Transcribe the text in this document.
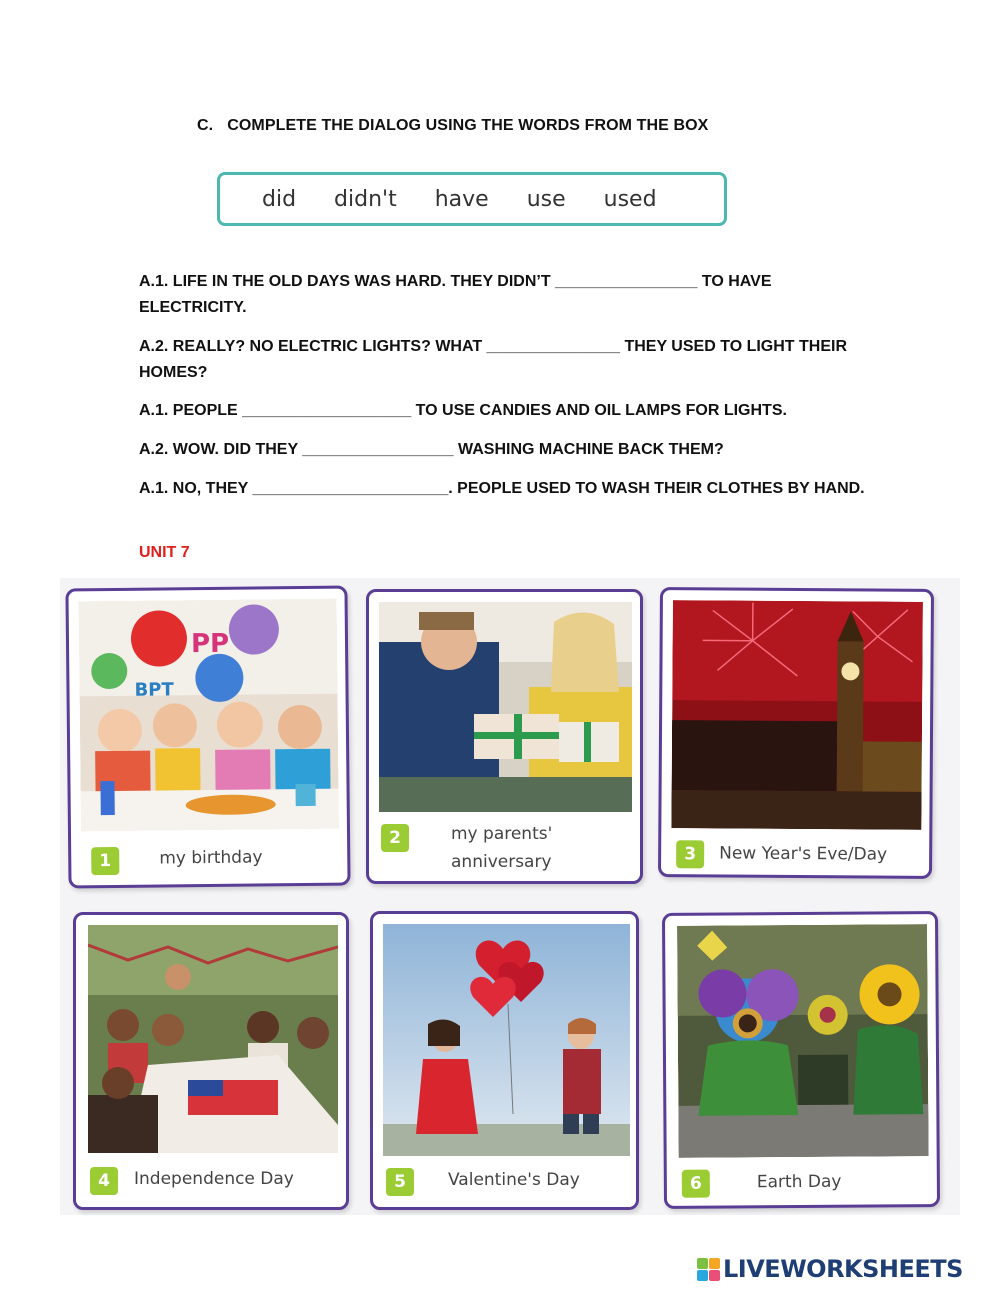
C. COMPLETE THE DIALOG USING THE WORDS FROM THE BOX
did didn't have use used
A.1. LIFE IN THE OLD DAYS WAS HARD. THEY DIDN’T ________________ TO HAVE ELECTRICITY.
A.2. REALLY? NO ELECTRIC LIGHTS? WHAT _______________ THEY USED TO LIGHT THEIR HOMES?
A.1. PEOPLE ___________________ TO USE CANDIES AND OIL LAMPS FOR LIGHTS.
A.2. WOW. DID THEY _________________ WASHING MACHINE BACK THEM?
A.1. NO, THEY ______________________. PEOPLE USED TO WASH THEIR CLOTHES BY HAND.
UNIT 7
PP
BPT
1	my birthday
2	my parents' anniversary	3	New Year's Eve/Day
4	Independence Day	5	Valentine's Day	6	Earth Day
LIVEWORKSHEETS
